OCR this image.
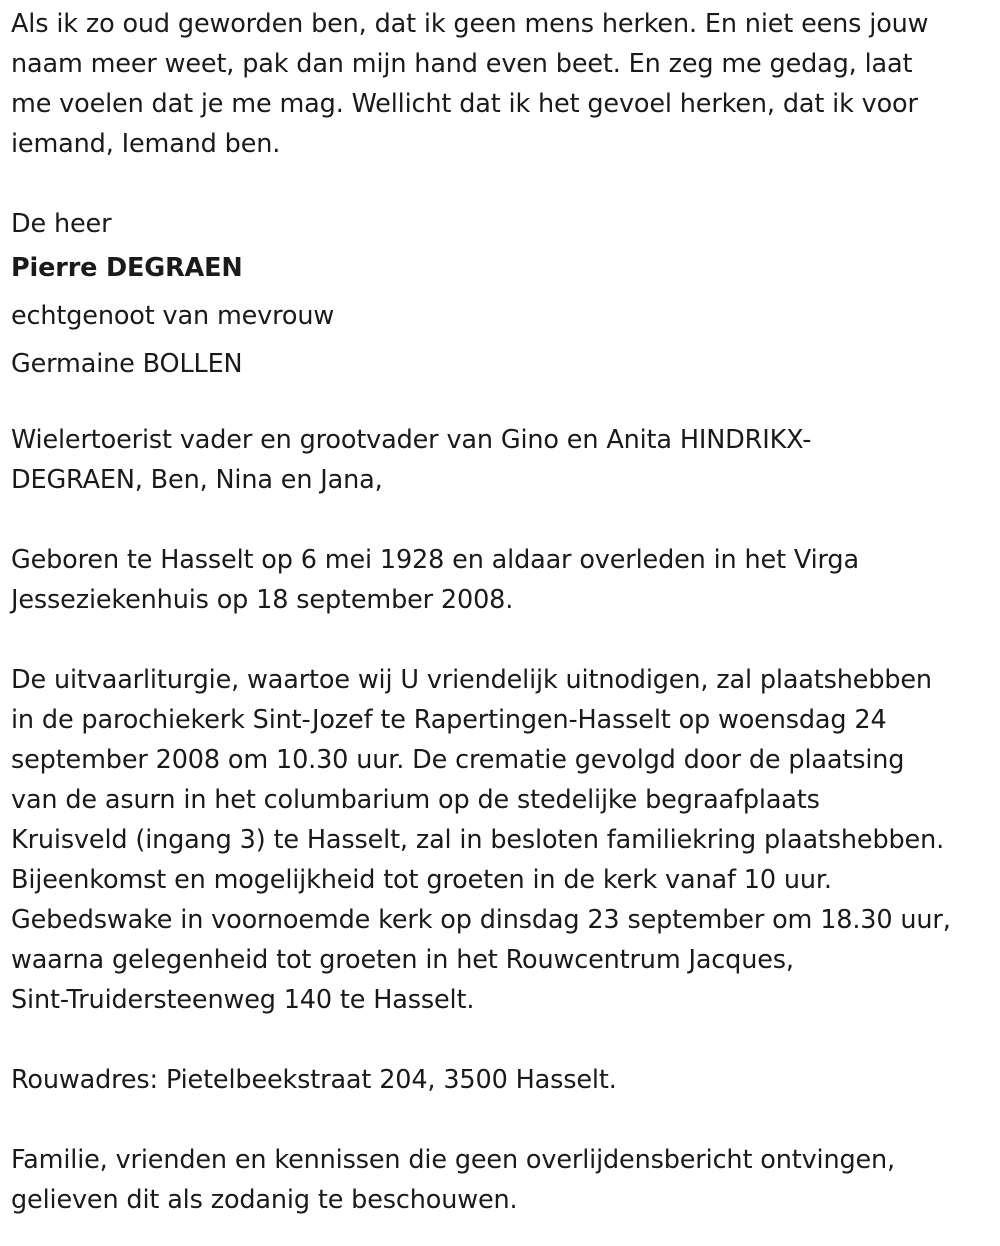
Als ik zo oud geworden ben, dat ik geen mens herken. En niet eens jouw

naam meer weet, pak dan mijn hand even beet. En zeg me gedag, laat

me voelen dat je me mag. Wellicht dat ik het gevoel herken, dat ik voor

iemand, Iemand ben.

De heer

Pierre DEGRAEN

echtgenoot van mevrouw

Germaine BOLLEN

Wielertoerist vader en grootvader van Gino en Anita HINDRIKX-

DEGRAEN, Ben, Nina en Jana,

Geboren te Hasselt op 6 mei 1928 en aldaar overleden in het Virga

Jesseziekenhuis op 18 september 2008.

De uitvaarliturgie, waartoe wij U vriendelijk uitnodigen, zal plaatshebben

in de parochiekerk Sint-Jozef te Rapertingen-Hasselt op woensdag 24

september 2008 om 10.30 uur. De crematie gevolgd door de plaatsing

van de asurn in het columbarium op de stedelijke begraafplaats

Kruisveld (ingang 3) te Hasselt, zal in besloten familiekring plaatshebben.

Bijeenkomst en mogelijkheid tot groeten in de kerk vanaf 10 uur.

Gebedswake in voornoemde kerk op dinsdag 23 september om 18.30 uur,

waarna gelegenheid tot groeten in het Rouwcentrum Jacques,

Sint-Truidersteenweg 140 te Hasselt.

Rouwadres: Pietelbeekstraat 204, 3500 Hasselt.

Familie, vrienden en kennissen die geen overlijdensbericht ontvingen,

gelieven dit als zodanig te beschouwen.
